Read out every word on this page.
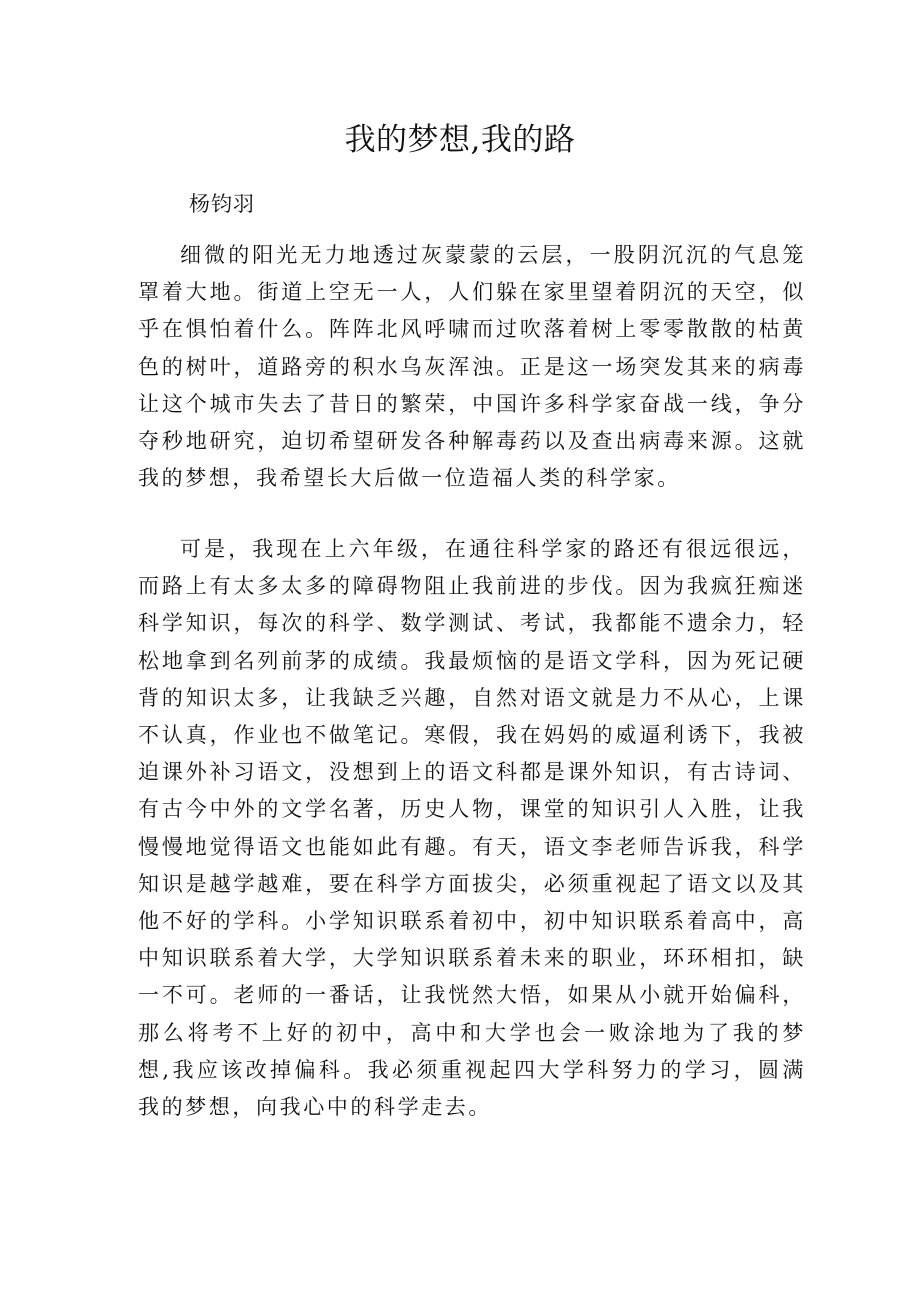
我的梦想,我的路

杨钧羽

细微的阳光无力地透过灰蒙蒙的云层，一股阴沉沉的气息笼罩着大地。街道上空无一人，人们躲在家里望着阴沉的天空，似乎在惧怕着什么。阵阵北风呼啸而过吹落着树上零零散散的枯黄色的树叶，道路旁的积水乌灰浑浊。正是这一场突发其来的病毒让这个城市失去了昔日的繁荣，中国许多科学家奋战一线，争分夺秒地研究，迫切希望研发各种解毒药以及查出病毒来源。这就我的梦想，我希望长大后做一位造福人类的科学家。

可是，我现在上六年级，在通往科学家的路还有很远很远，而路上有太多太多的障碍物阻止我前进的步伐。因为我疯狂痴迷科学知识，每次的科学、数学测试、考试，我都能不遗余力，轻松地拿到名列前茅的成绩。我最烦恼的是语文学科，因为死记硬背的知识太多，让我缺乏兴趣，自然对语文就是力不从心，上课不认真，作业也不做笔记。寒假，我在妈妈的威逼利诱下，我被迫课外补习语文，没想到上的语文科都是课外知识，有古诗词、有古今中外的文学名著，历史人物，课堂的知识引人入胜，让我慢慢地觉得语文也能如此有趣。有天，语文李老师告诉我，科学知识是越学越难，要在科学方面拔尖，必须重视起了语文以及其他不好的学科。小学知识联系着初中，初中知识联系着高中，高中知识联系着大学，大学知识联系着未来的职业，环环相扣，缺一不可。老师的一番话，让我恍然大悟，如果从小就开始偏科，那么将考不上好的初中，高中和大学也会一败涂地为了我的梦想,我应该改掉偏科。我必须重视起四大学科努力的学习，圆满我的梦想，向我心中的科学走去。
